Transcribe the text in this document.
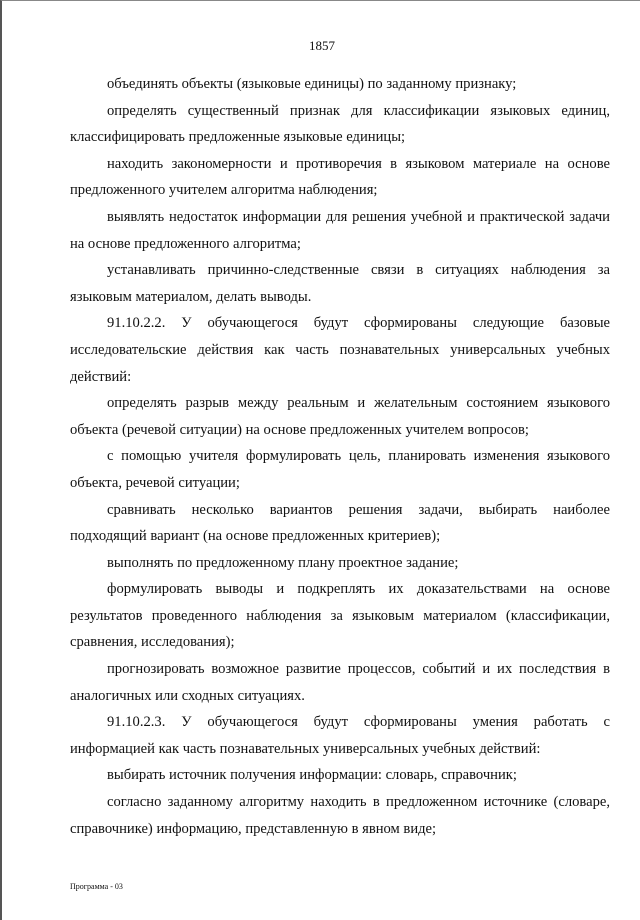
1857

объединять объекты (языковые единицы) по заданному признаку;

определять существенный признак для классификации языковых единиц, классифицировать предложенные языковые единицы;

находить закономерности и противоречия в языковом материале на основе предложенного учителем алгоритма наблюдения;

выявлять недостаток информации для решения учебной и практической задачи на основе предложенного алгоритма;

устанавливать причинно-следственные связи в ситуациях наблюдения за языковым материалом, делать выводы.

91.10.2.2. У обучающегося будут сформированы следующие базовые исследовательские действия как часть познавательных универсальных учебных действий:

определять разрыв между реальным и желательным состоянием языкового объекта (речевой ситуации) на основе предложенных учителем вопросов;

с помощью учителя формулировать цель, планировать изменения языкового объекта, речевой ситуации;

сравнивать несколько вариантов решения задачи, выбирать наиболее подходящий вариант (на основе предложенных критериев);

выполнять по предложенному плану проектное задание;

формулировать выводы и подкреплять их доказательствами на основе результатов проведенного наблюдения за языковым материалом (классификации, сравнения, исследования);

прогнозировать возможное развитие процессов, событий и их последствия в аналогичных или сходных ситуациях.

91.10.2.3. У обучающегося будут сформированы умения работать с информацией как часть познавательных универсальных учебных действий:

выбирать источник получения информации: словарь, справочник;

согласно заданному алгоритму находить в предложенном источнике (словаре, справочнике) информацию, представленную в явном виде;

Программа - 03
